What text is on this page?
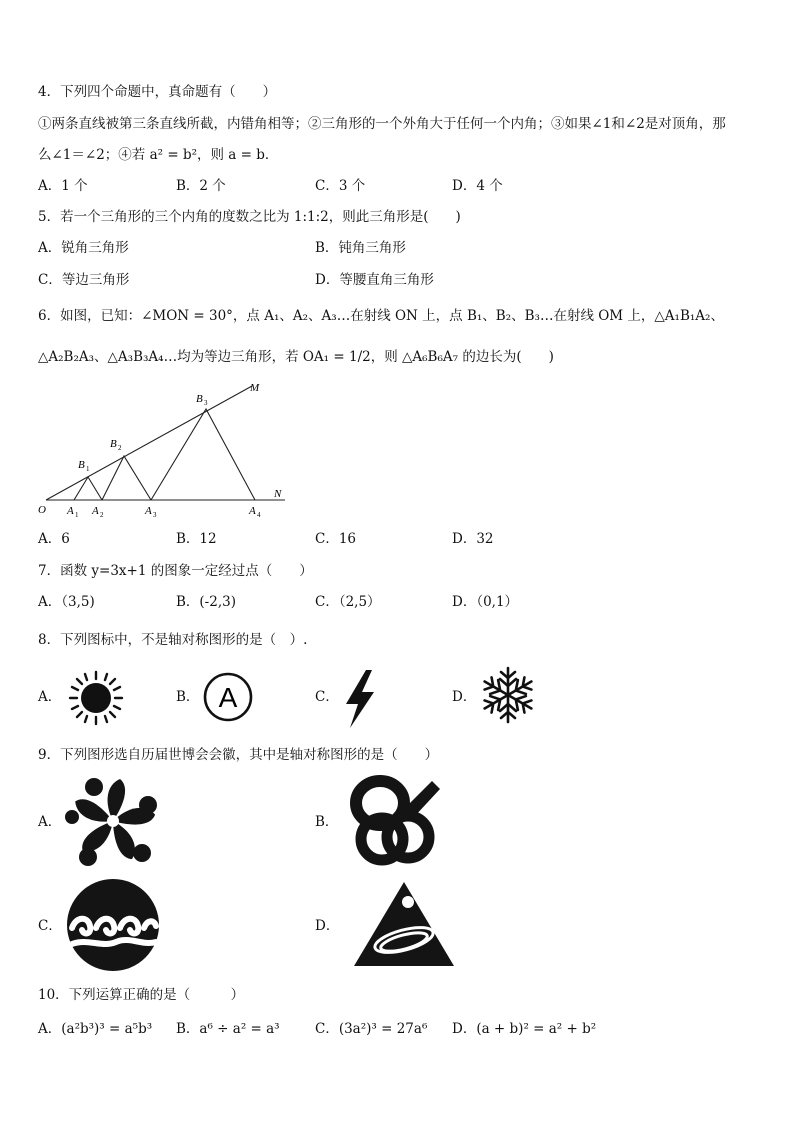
4．下列四个命题中，真命题有（　　）
①两条直线被第三条直线所截，内错角相等；②三角形的一个外角大于任何一个内角；③如果∠1和∠2是对顶角，那
么∠1＝∠2；④若 a² = b²，则 a = b．
A．1 个	B．2 个	C．3 个	D．4 个
5．若一个三角形的三个内角的度数之比为 1:1:2，则此三角形是(　　)
A．锐角三角形	B．钝角三角形
C．等边三角形	D．等腰直角三角形
6．如图，已知：∠MON = 30°，点 A₁、A₂、A₃…在射线 ON 上，点 B₁、B₂、B₃…在射线 OM 上，△A₁B₁A₂、
△A₂B₂A₃、△A₃B₃A₄…均为等边三角形，若 OA₁ = 1/2，则 △A₆B₆A₇ 的边长为(　　)
O
M
N
A A	A	A
B
B
B
1	2	3	4
1
2
3
A．6	B．12	C．16	D．32
7．函数 y=3x+1 的图象一定经过点（　　）
A．（3,5)	B．(-2,3)	C．（2,5）	D．（0,1）
8．下列图标中，不是轴对称图形的是（　）.
A．	B．	C．	D．
A
9．下列图形选自历届世博会会徽，其中是轴对称图形的是（　　）
A．	B．
C．	D．
10．下列运算正确的是（　　　）
A．(a²b³)³ = a⁵b³ B．a⁶ ÷ a² = a³	C．(3a²)³ = 27a⁶ D．(a + b)² = a² + b²
